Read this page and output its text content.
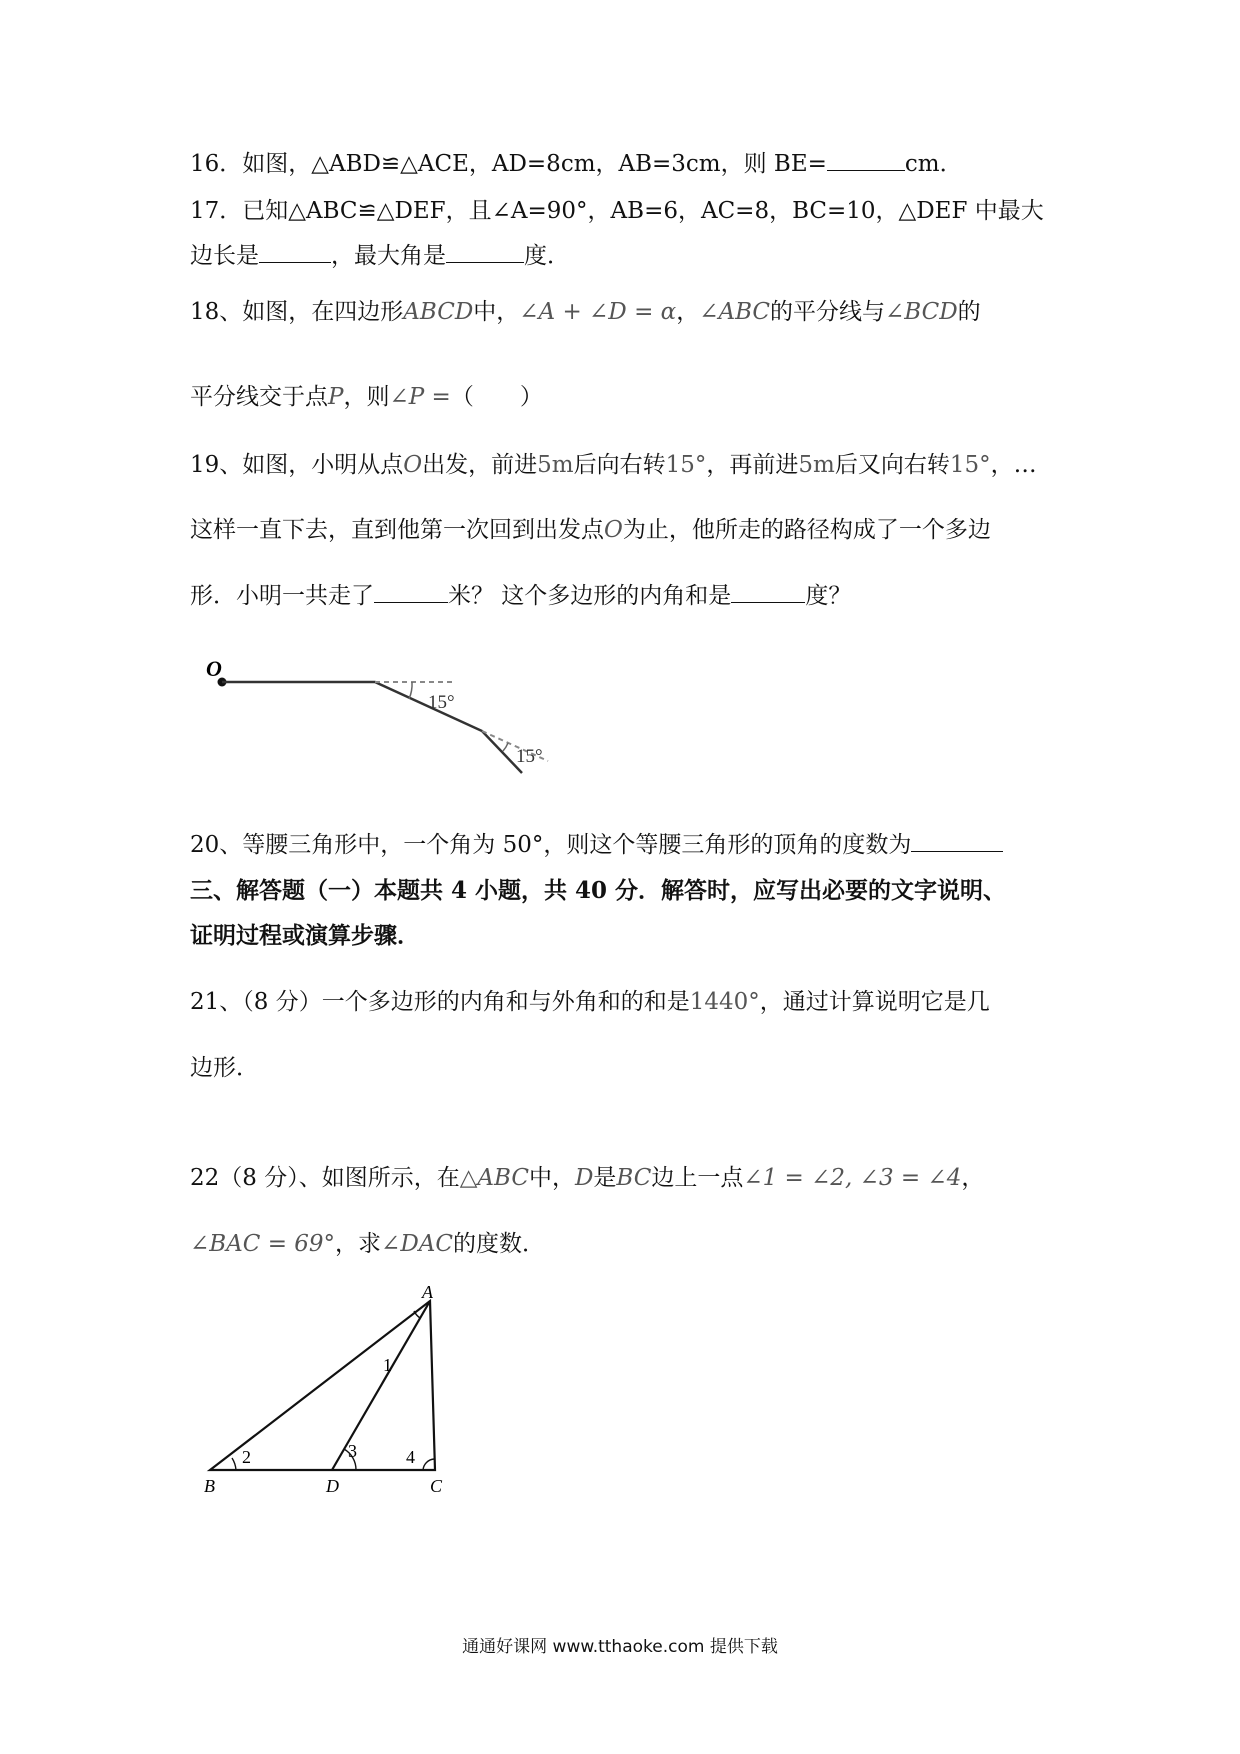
16．如图，△ABD≌△ACE，AD=8cm，AB=3cm，则 BE=	cm．
17．已知△ABC≌△DEF，且∠A=90°，AB=6，AC=8，BC=10，△DEF 中最大
边长是	，最大角是	度．
18、如图，在四边形ABCD中，∠A + ∠D = α，∠ABC的平分线与∠BCD的
平分线交于点P，则∠P =（　　）
19、如图，小明从点O出发，前进5m后向右转15°，再前进5m后又向右转15°，…
这样一直下去，直到他第一次回到出发点O为止，他所走的路径构成了一个多边
形．小明一共走了	米？ 这个多边形的内角和是	度？
O
15°
15°
20、等腰三角形中，一个角为 50°，则这个等腰三角形的顶角的度数为
三、解答题（一）本题共 4 小题，共 40 分．解答时，应写出必要的文字说明、
证明过程或演算步骤．
21、（8 分）一个多边形的内角和与外角和的和是1440°，通过计算说明它是几
边形．
22（8 分）、如图所示，在△ABC中，D是BC边上一点∠1 = ∠2, ∠3 = ∠4，
∠BAC = 69°，求∠DAC的度数．
A
B	D	C
1
2	3	4
通通好课网 www.tthaoke.com 提供下载
